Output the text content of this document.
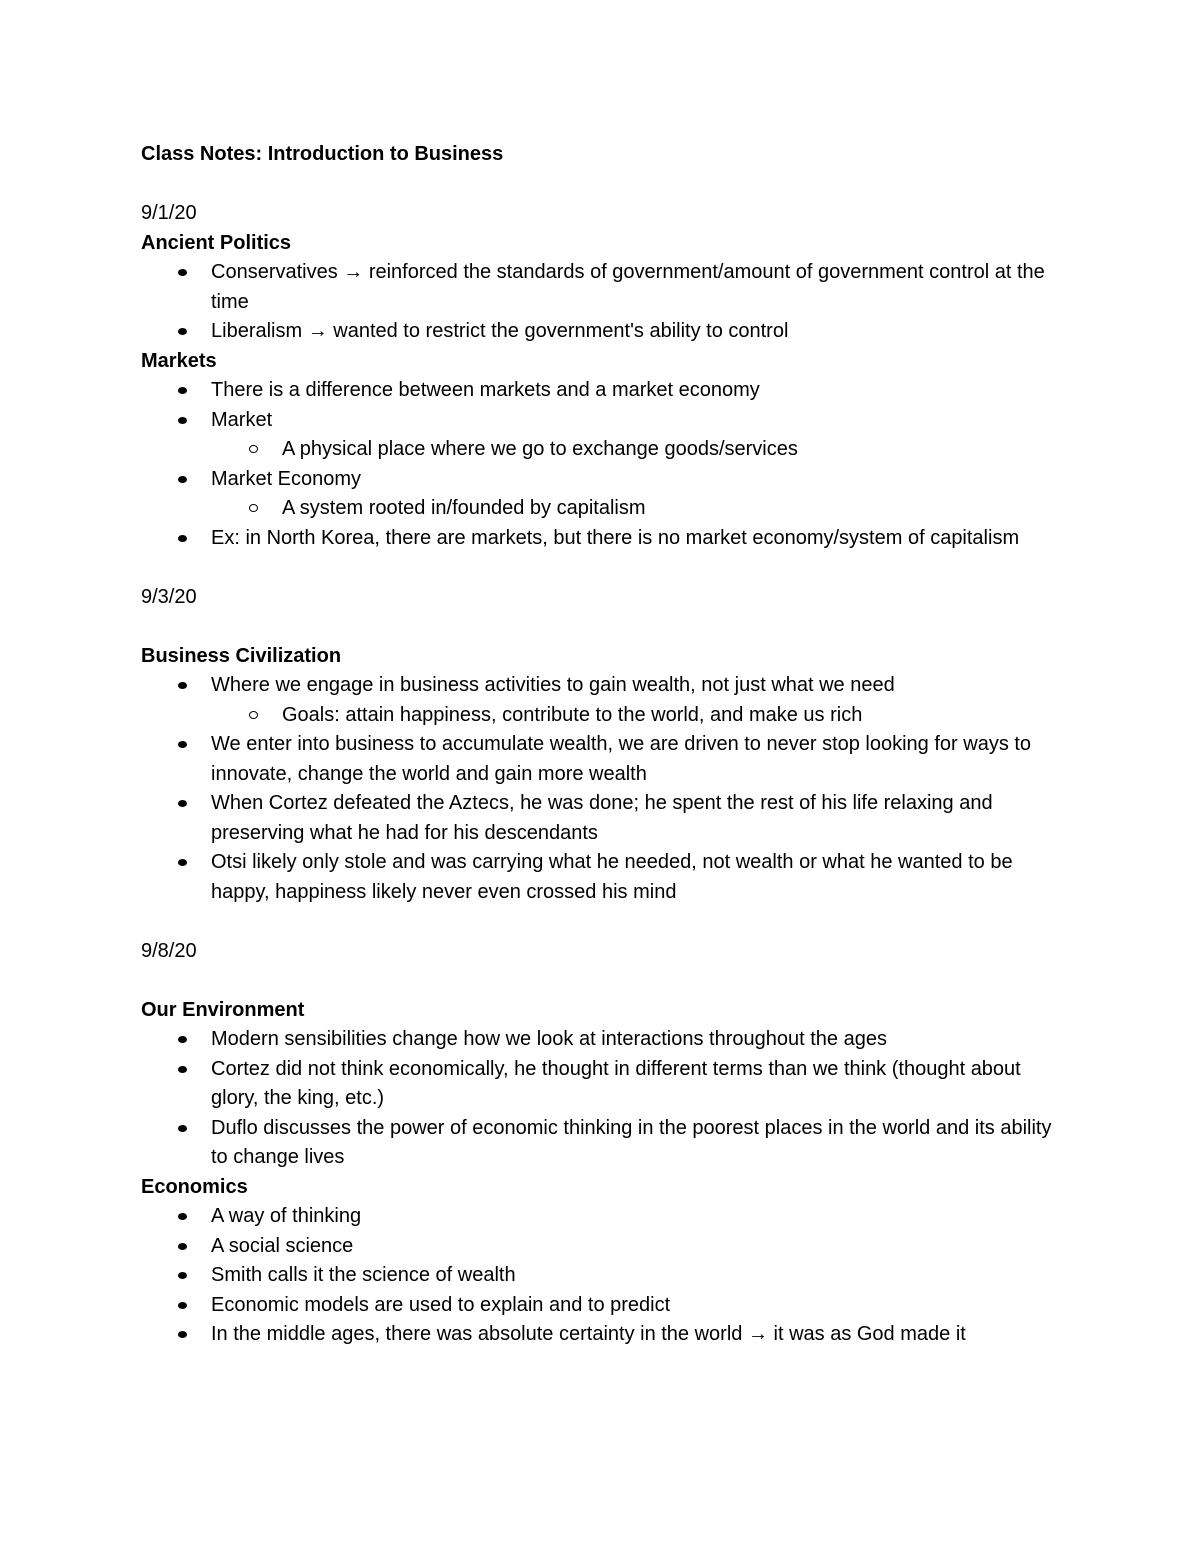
Class Notes: Introduction to Business

9/1/20

Ancient Politics

Conservatives → reinforced the standards of government/amount of government control at the time
Liberalism → wanted to restrict the government's ability to control

Markets

There is a difference between markets and a market economy
Market
A physical place where we go to exchange goods/services
Market Economy
A system rooted in/founded by capitalism
Ex: in North Korea, there are markets, but there is no market economy/system of capitalism

9/3/20

Business Civilization

Where we engage in business activities to gain wealth, not just what we need
Goals: attain happiness, contribute to the world, and make us rich
We enter into business to accumulate wealth, we are driven to never stop looking for ways to innovate, change the world and gain more wealth
When Cortez defeated the Aztecs, he was done; he spent the rest of his life relaxing and preserving what he had for his descendants
Otsi likely only stole and was carrying what he needed, not wealth or what he wanted to be happy, happiness likely never even crossed his mind

9/8/20

Our Environment

Modern sensibilities change how we look at interactions throughout the ages
Cortez did not think economically, he thought in different terms than we think (thought about glory, the king, etc.)
Duflo discusses the power of economic thinking in the poorest places in the world and its ability to change lives

Economics

A way of thinking
A social science
Smith calls it the science of wealth
Economic models are used to explain and to predict
In the middle ages, there was absolute certainty in the world → it was as God made it
